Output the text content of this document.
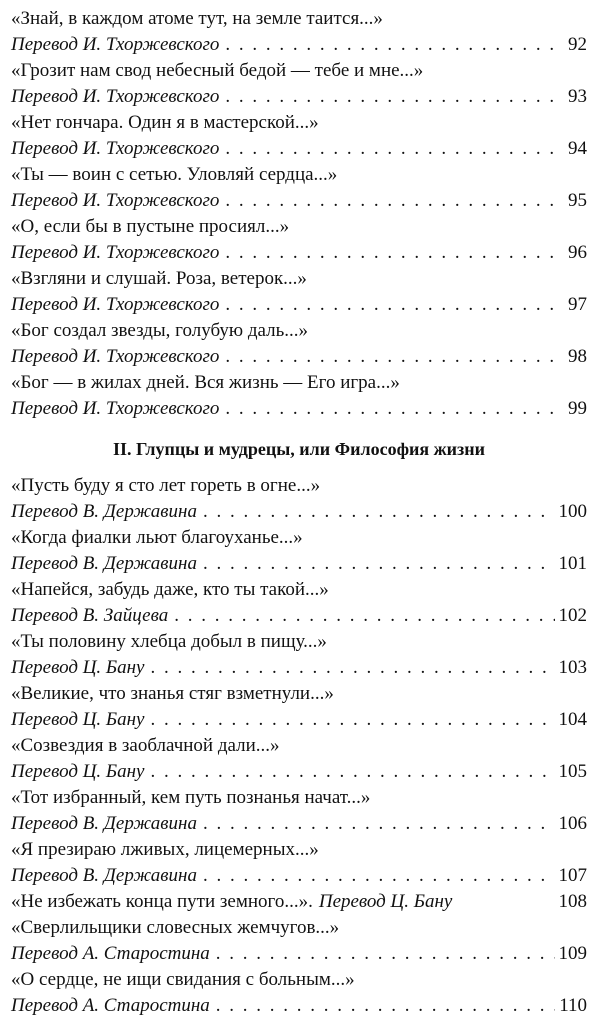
«Знай, в каждом атоме тут, на земле таится...»
Перевод И. Тхоржевского . . .	92
«Грозит нам свод небесный бедой — тебе и мне...»
Перевод И. Тхоржевского . . .	93
«Нет гончара. Один я в мастерской...»
Перевод И. Тхоржевского . . .	94
«Ты — воин с сетью. Уловляй сердца...»
Перевод И. Тхоржевского . . .	95
«О, если бы в пустыне просиял...»
Перевод И. Тхоржевского . . .	96
«Взгляни и слушай. Роза, ветерок...»
Перевод И. Тхоржевского . . .	97
«Бог создал звезды, голубую даль...»
Перевод И. Тхоржевского . . .	98
«Бог — в жилах дней. Вся жизнь — Его игра...»
Перевод И. Тхоржевского . . .	99
II. Глупцы и мудрецы, или Философия жизни
«Пусть буду я сто лет гореть в огне...»
Перевод В. Державина . . .	100
«Когда фиалки льют благоуханье...»
Перевод В. Державина . . .	101
«Напейся, забудь даже, кто ты такой...»
Перевод В. Зайцева . . .	102
«Ты половину хлебца добыл в пищу...»
Перевод Ц. Бану . . .	103
«Великие, что знанья стяг взметнули...»
Перевод Ц. Бану . . .	104
«Созвездия в заоблачной дали...»
Перевод Ц. Бану . . .	105
«Тот избранный, кем путь познанья начат...»
Перевод В. Державина . . .	106
«Я презираю лживых, лицемерных...»
Перевод В. Державина . . .	107
«Не избежать конца пути земного...». Перевод Ц. Бану	108
«Сверлильщики словесных жемчугов...»
Перевод А. Старостина . . .	109
«О сердце, не ищи свидания с больным...»
Перевод А. Старостина . . .	110
